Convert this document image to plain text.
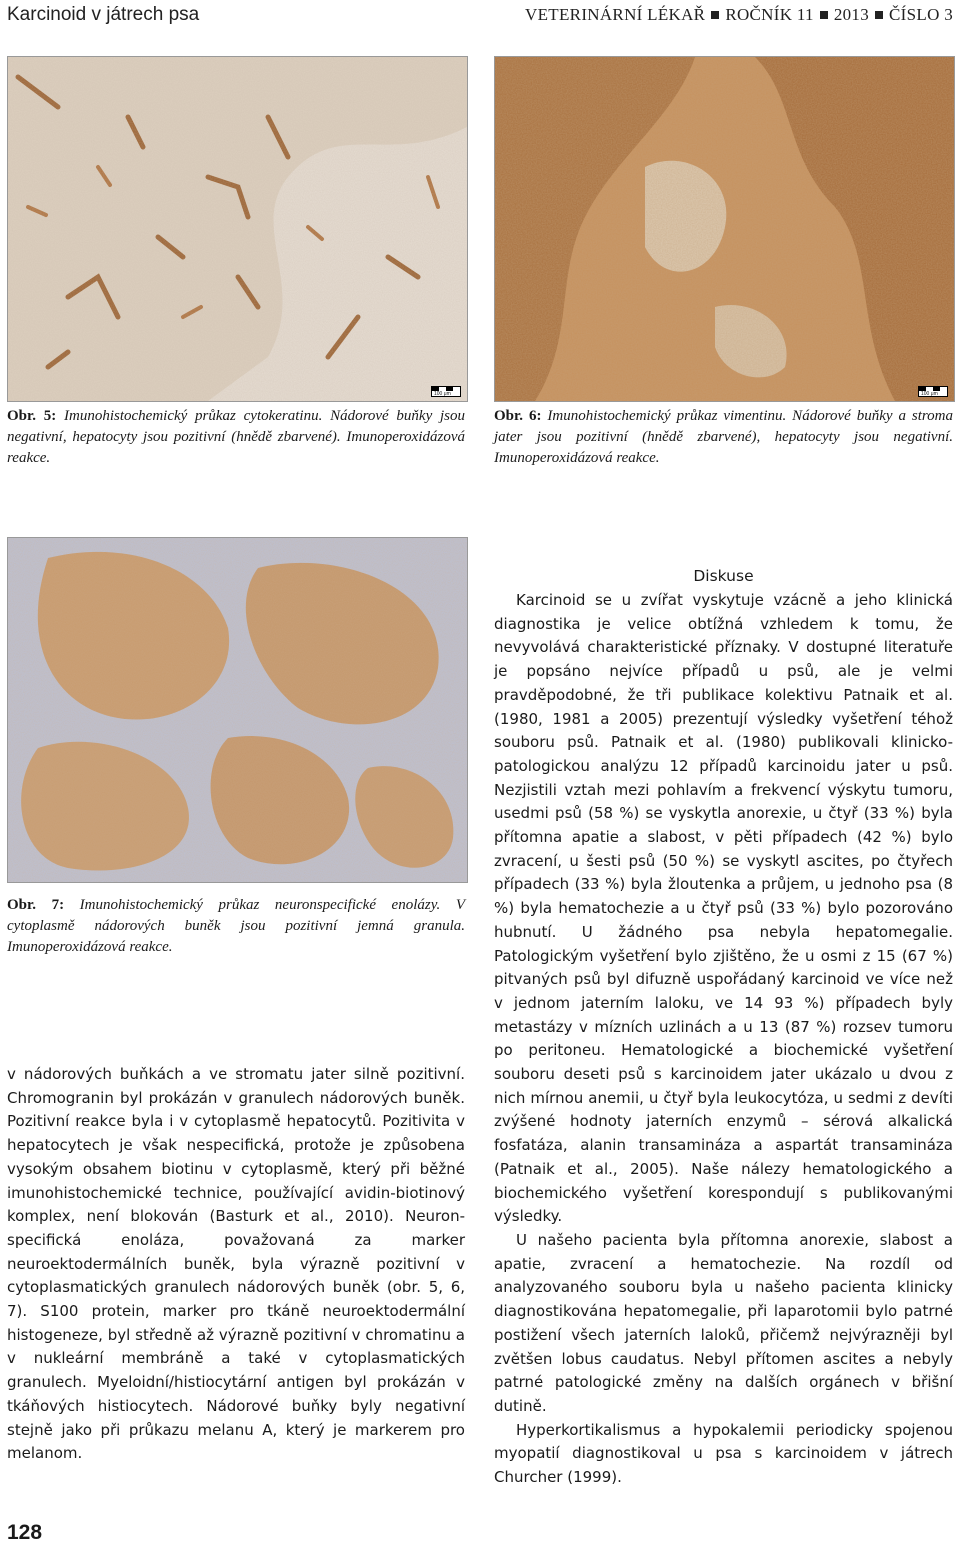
Karcinoid v játrech psa	VETERINÁRNÍ LÉKAŘ ROČNÍK 11 2013 ČÍSLO 3
100 μm
Obr. 5: Imunohistochemický průkaz cytokeratinu. Nádorové buňky jsou negativní, hepatocyty jsou pozitivní (hnědě zbarvené). Imunoperoxidázová reakce.
100 μm
Obr. 6: Imunohistochemický průkaz vimentinu. Nádorové buňky a stroma jater jsou pozitivní (hnědě zbarvené), hepatocyty jsou negativní. Imunoperoxidázová reakce.
Obr. 7: Imunohistochemický průkaz neuronspecifické enolázy. V cytoplasmě nádorových buněk jsou pozitivní jemná granula. Imunoperoxidázová reakce.

v nádorových buňkách a ve stromatu jater silně pozitivní. Chromogranin byl prokázán v granulech nádorových buněk. Pozitivní reakce byla i v cytoplasmě hepatocytů. Pozitivita v hepatocytech je však nespecifická, protože je způsobena vysokým obsahem biotinu v cytoplasmě, který při běžné imunohistochemické technice, používající avidin-biotinový komplex, není blokován (Basturk et al., 2010). Neuron-specifická enoláza, považovaná za marker neuroektodermálních buněk, byla výrazně pozitivní v cytoplasmatických granulech nádorových buněk (obr. 5, 6, 7). S100 protein, marker pro tkáně neuroektodermální histogeneze, byl středně až výrazně pozitivní v chromatinu a v nukleární membráně a také v cytoplasmatických granulech. Myeloidní/histiocytární antigen byl prokázán v tkáňových histiocytech. Nádorové buňky byly negativní stejně jako při průkazu melanu A, který je markerem pro melanom.

Diskuse

Karcinoid se u zvířat vyskytuje vzácně a jeho klinická diagnostika je velice obtížná vzhledem k tomu, že nevyvolává charakteristické příznaky. V dostupné literatuře je popsáno nejvíce případů u psů, ale je velmi pravděpodobné, že tři publikace kolektivu Patnaik et al. (1980, 1981 a 2005) prezentují výsledky vyšetření téhož souboru psů. Patnaik et al. (1980) publikovali klinicko-patologickou analýzu 12 případů karcinoidu jater u psů. Nezjistili vztah mezi pohlavím a frekvencí výskytu tumoru, usedmi psů (58 %) se vyskytla anorexie, u čtyř (33 %) byla přítomna apatie a slabost, v pěti případech (42 %) bylo zvracení, u šesti psů (50 %) se vyskytl ascites, po čtyřech případech (33 %) byla žloutenka a průjem, u jednoho psa (8 %) byla hematochezie a u čtyř psů (33 %) bylo pozorováno hubnutí. U žádného psa nebyla hepatomegalie. Patologickým vyšetření bylo zjištěno, že u osmi z 15 (67 %) pitvaných psů byl difuzně uspořádaný karcinoid ve více než v jednom jaterním laloku, ve 14 93 %) případech byly metastázy v mízních uzlinách a u 13 (87 %) rozsev tumoru po peritoneu. Hematologické a biochemické vyšetření souboru deseti psů s karcinoidem jater ukázalo u dvou z nich mírnou anemii, u čtyř byla leukocytóza, u sedmi z devíti zvýšené hodnoty jaterních enzymů – sérová alkalická fosfatáza, alanin transamináza a aspartát transamináza (Patnaik et al., 2005). Naše nálezy hematologického a biochemického vyšetření korespondují s publikovanými výsledky.

U našeho pacienta byla přítomna anorexie, slabost a apatie, zvracení a hematochezie. Na rozdíl od analyzovaného souboru byla u našeho pacienta klinicky diagnostikována hepatomegalie, při laparotomii bylo patrné postižení všech jaterních laloků, přičemž nejvýrazněji byl zvětšen lobus caudatus. Nebyl přítomen ascites a nebyly patrné patologické změny na dalších orgánech v břišní dutině.

Hyperkortikalismus a hypokalemii periodicky spojenou myopatií diagnostikoval u psa s karcinoidem v játrech Churcher (1999).

128
